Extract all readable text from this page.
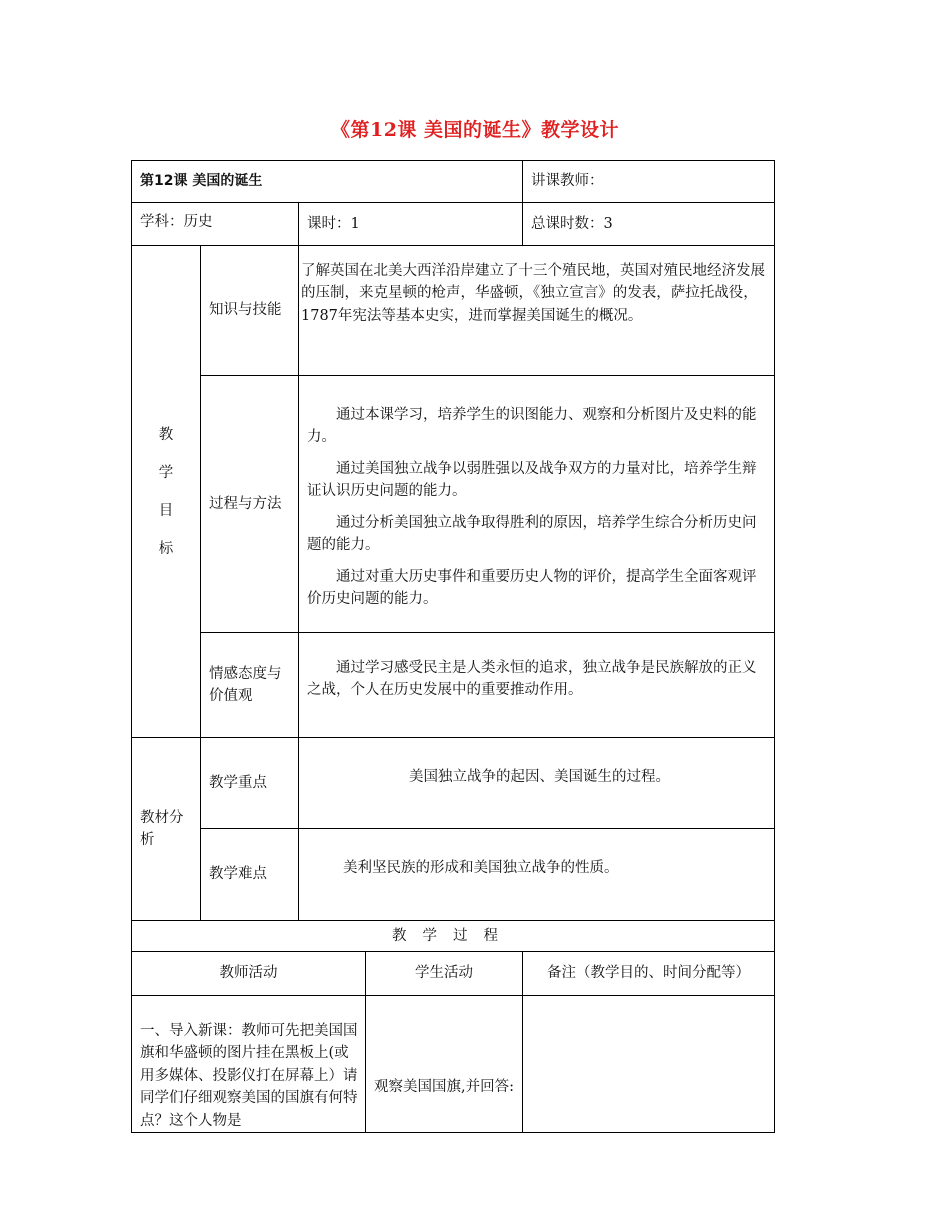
《第12课 美国的诞生》教学设计
第12课 美国的诞生				讲课教师：
学科：历史		课时：1		总课时数：3
教
学
目
标	知识与技能	了解英国在北美大西洋沿岸建立了十三个殖民地，英国对殖民地经济发展的压制，来克星顿的枪声，华盛顿，《独立宣言》的发表，萨拉托战役，1787年宪法等基本史实，进而掌握美国诞生的概况。		
	过程与方法	通过本课学习，培养学生的识图能力、观察和分析图片及史料的能力。

通过美国独立战争以弱胜强以及战争双方的力量对比，培养学生辩证认识历史问题的能力。

通过分析美国独立战争取得胜利的原因，培养学生综合分析历史问题的能力。

通过对重大历史事件和重要历史人物的评价，提高学生全面客观评价历史问题的能力。		

	情感态度与价值观	通过学习感受民主是人类永恒的追求，独立战争是民族解放的正义之战，个人在历史发展中的重要推动作用。		

教材分析	教学重点	美国独立战争的起因、美国诞生的过程。		
	教学难点	美利坚民族的形成和美国独立战争的性质。		
教学过程				
教师活动			学生活动	备注（教学目的、时间分配等）
一、导入新课：教师可先把美国国旗和华盛顿的图片挂在黑板上(或用多媒体、投影仪打在屏幕上）请同学们仔细观察美国的国旗有何特点？这个人物是			观察美国国旗,并回答:	
